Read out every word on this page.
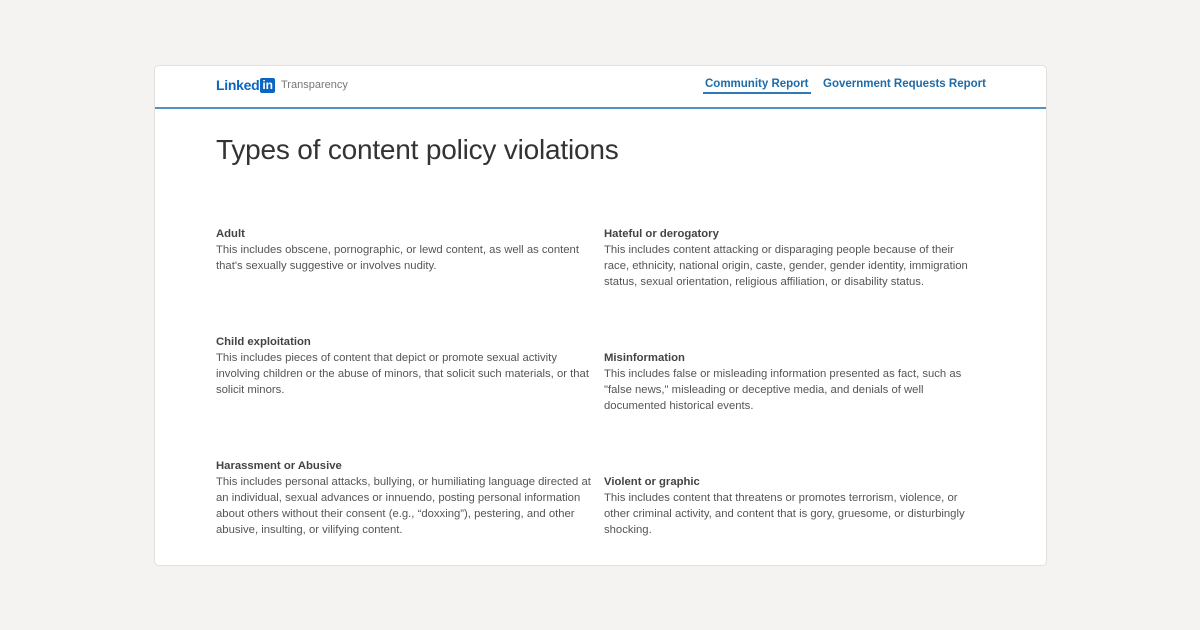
Linked in Transparency	Community Report Government Requests Report
Types of content policy violations
Adult

This includes obscene, pornographic, or lewd content, as well as content that's sexually suggestive or involves nudity.

Hateful or derogatory

This includes content attacking or disparaging people because of their race, ethnicity, national origin, caste, gender, gender identity, immigration status, sexual orientation, religious affiliation, or disability status.

Child exploitation

This includes pieces of content that depict or promote sexual activity involving children or the abuse of minors, that solicit such materials, or that solicit minors.

Misinformation

This includes false or misleading information presented as fact, such as "false news," misleading or deceptive media, and denials of well documented historical events.

Harassment or Abusive

This includes personal attacks, bullying, or humiliating language directed at an individual, sexual advances or innuendo, posting personal information about others without their consent (e.g., “doxxing”), pestering, and other abusive, insulting, or vilifying content.

Violent or graphic

This includes content that threatens or promotes terrorism, violence, or other criminal activity, and content that is gory, gruesome, or disturbingly shocking.
